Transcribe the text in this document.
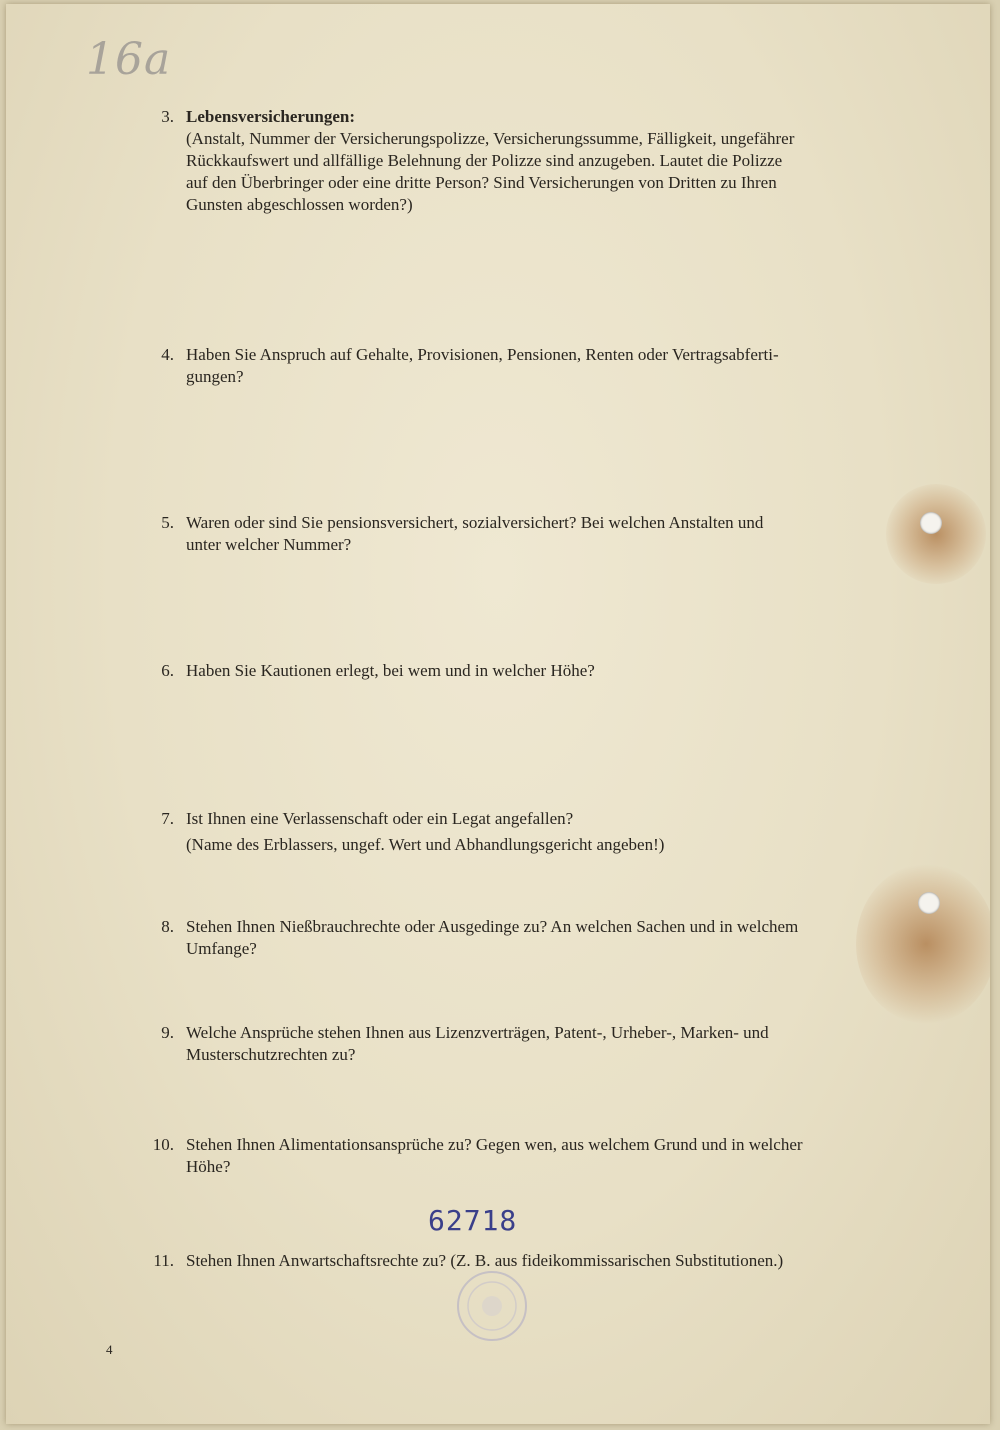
16a
3. Lebensversicherungen:
(Anstalt, Nummer der Versicherungspolizze, Versicherungssumme, Fälligkeit, ungefährer
Rückkaufswert und allfällige Belehnung der Polizze sind anzugeben. Lautet die Polizze
auf den Überbringer oder eine dritte Person? Sind Versicherungen von Dritten zu Ihren
Gunsten abgeschlossen worden?)
4. Haben Sie Anspruch auf Gehalte, Provisionen, Pensionen, Renten oder Vertragsabferti-
gungen?
5. Waren oder sind Sie pensionsversichert, sozialversichert? Bei welchen Anstalten und
unter welcher Nummer?
6. Haben Sie Kautionen erlegt, bei wem und in welcher Höhe?
7. Ist Ihnen eine Verlassenschaft oder ein Legat angefallen?
(Name des Erblassers, ungef. Wert und Abhandlungsgericht angeben!)
8. Stehen Ihnen Nießbrauchrechte oder Ausgedinge zu? An welchen Sachen und in welchem
Umfange?
9. Welche Ansprüche stehen Ihnen aus Lizenzverträgen, Patent-, Urheber-, Marken- und
Musterschutzrechten zu?
10. Stehen Ihnen Alimentationsansprüche zu? Gegen wen, aus welchem Grund und in welcher
Höhe?
62718
11. Stehen Ihnen Anwartschaftsrechte zu? (Z. B. aus fideikommissarischen Substitutionen.)
4
